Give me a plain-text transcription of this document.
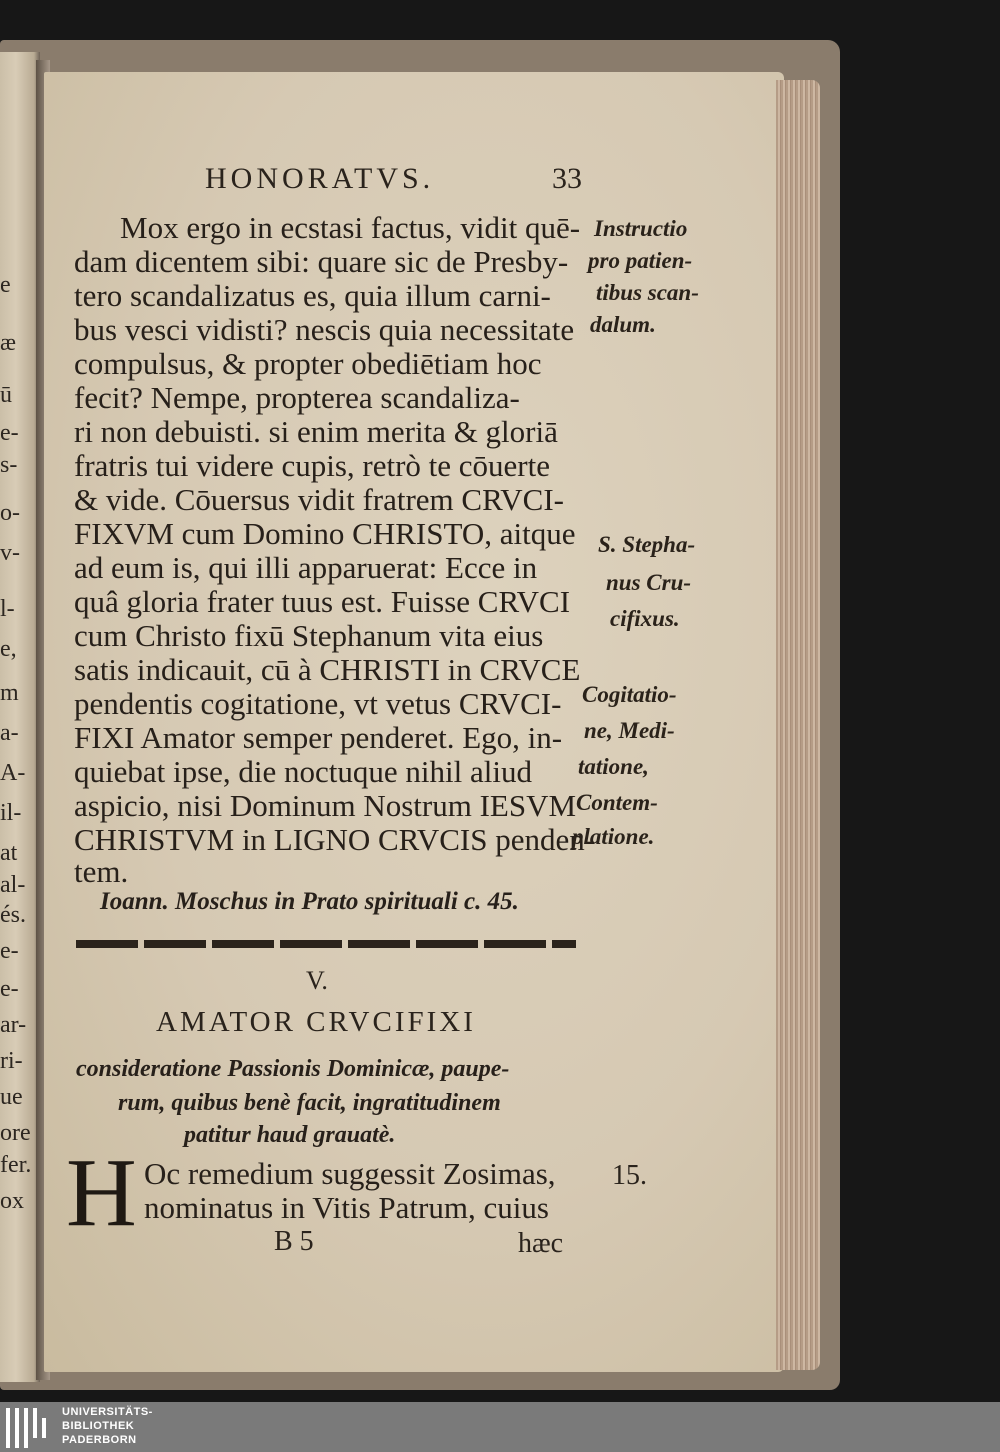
e
æ
ū
e-
s-
o-
v-
l-
e,
m
a-
A-
il-
at
al-
és.
e-
e-
ar-
ri-
ue
ore
fer.
ox
HONORATVS.	33
Mox ergo in ecstasi factus, vidit quē-
dam dicentem sibi: quare sic de Presby-
tero scandalizatus es, quia illum carni-
bus vesci vidisti? nescis quia necessitate
compulsus, & propter obediētiam hoc
fecit? Nempe, propterea scandaliza-
ri non debuisti. si enim merita & gloriā
fratris tui videre cupis, retrò te cōuerte
& vide. Cōuersus vidit fratrem CRVCI-
FIXVM cum Domino CHRISTO, aitque
ad eum is, qui illi apparuerat: Ecce in
quâ gloria frater tuus est. Fuisse CRVCI
cum Christo fixū Stephanum vita eius
satis indicauit, cū à CHRISTI in CRVCE
pendentis cogitatione, vt vetus CRVCI-
FIXI Amator semper penderet. Ego, in-
quiebat ipse, die noctuque nihil aliud
aspicio, nisi Dominum Nostrum IESVM
CHRISTVM in LIGNO CRVCIS penden-
tem.
Instructio
pro patien-
tibus scan-
dalum.
S. Stepha-
nus Cru-
cifixus.
Cogitatio-
ne, Medi-
tatione,
Contem-
platione.
Ioann. Moschus in Prato spirituali c. 45.
V.
AMATOR CRVCIFIXI
consideratione Passionis Dominicæ, paupe-
rum, quibus benè facit, ingratitudinem
patitur haud grauatè.
H Oc remedium suggessit Zosimas,
nominatus in Vitis Patrum, cuius
15.
B 5	hæc
UNIVERSITÄTS-
BIBLIOTHEK
PADERBORN
